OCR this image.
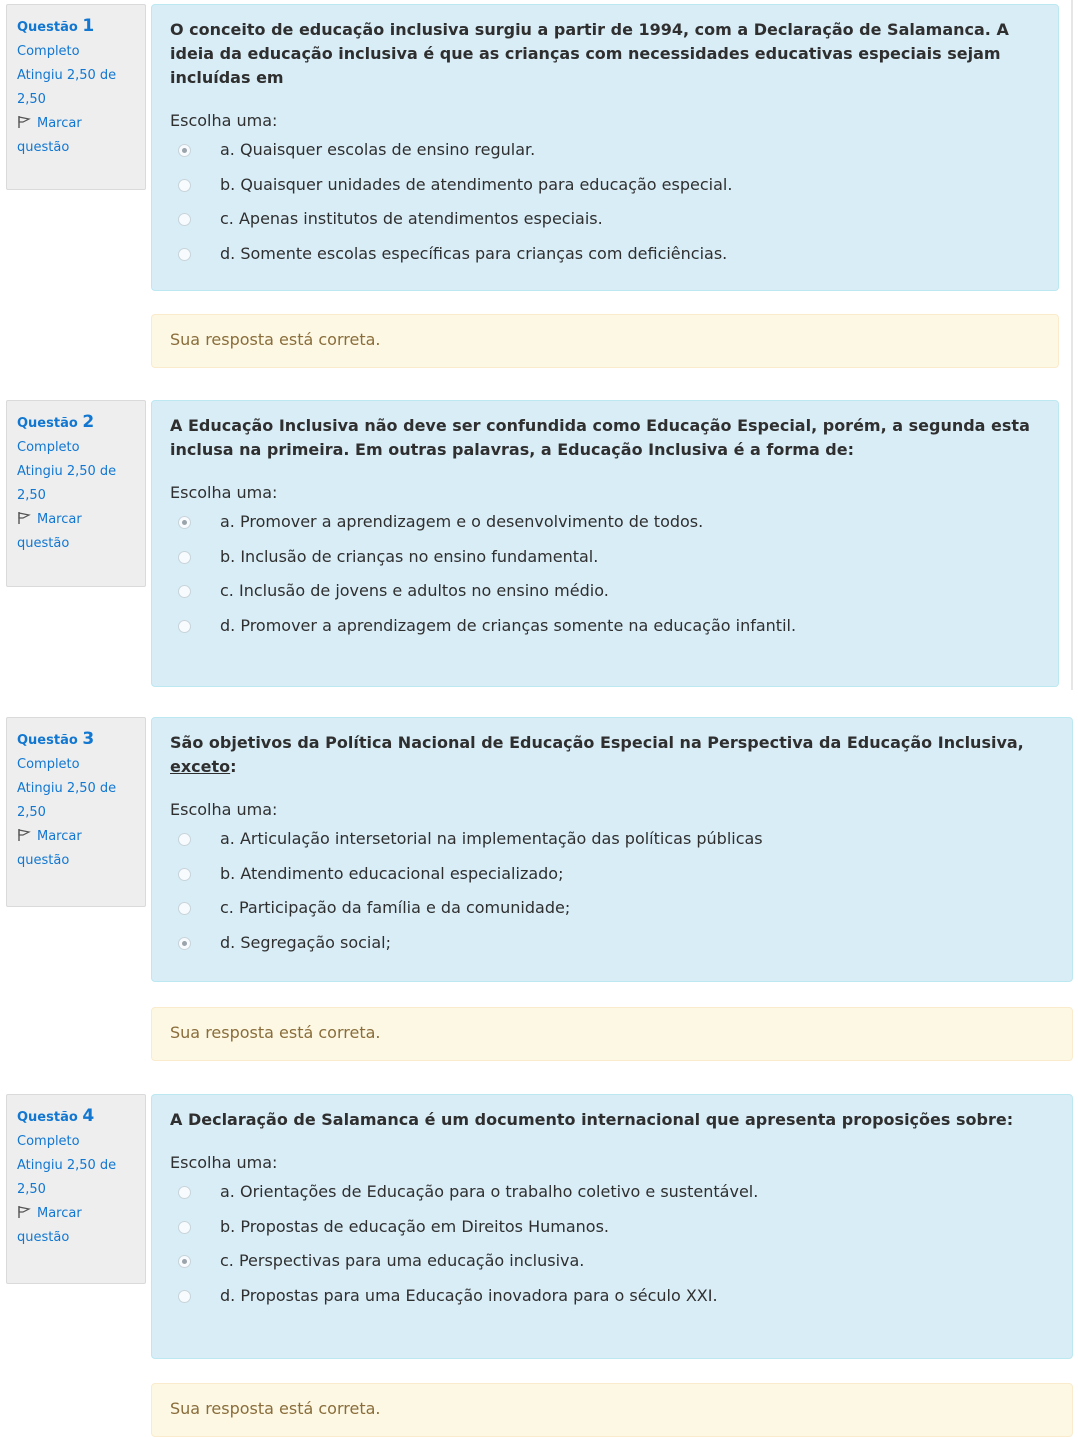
Questão 1
Completo
Atingiu 2,50 de 2,50
Marcar questão

O conceito de educação inclusiva surgiu a partir de 1994, com a Declaração de Salamanca. A ideia da educação inclusiva é que as crianças com necessidades educativas especiais sejam incluídas em

Escolha uma:
a. Quaisquer escolas de ensino regular.
b. Quaisquer unidades de atendimento para educação especial.
c. Apenas institutos de atendimentos especiais.
d. Somente escolas específicas para crianças com deficiências.
Sua resposta está correta.
Questão 2
Completo
Atingiu 2,50 de 2,50
Marcar questão

A Educação Inclusiva não deve ser confundida como Educação Especial, porém, a segunda esta inclusa na primeira. Em outras palavras, a Educação Inclusiva é a forma de:

Escolha uma:
a. Promover a aprendizagem e o desenvolvimento de todos.
b. Inclusão de crianças no ensino fundamental.
c. Inclusão de jovens e adultos no ensino médio.
d. Promover a aprendizagem de crianças somente na educação infantil.
Questão 3
Completo
Atingiu 2,50 de 2,50
Marcar questão

São objetivos da Política Nacional de Educação Especial na Perspectiva da Educação Inclusiva, exceto:

Escolha uma:
a. Articulação intersetorial na implementação das políticas públicas
b. Atendimento educacional especializado;
c. Participação da família e da comunidade;
d. Segregação social;
Sua resposta está correta.
Questão 4
Completo
Atingiu 2,50 de 2,50
Marcar questão

A Declaração de Salamanca é um documento internacional que apresenta proposições sobre:

Escolha uma:
a. Orientações de Educação para o trabalho coletivo e sustentável.
b. Propostas de educação em Direitos Humanos.
c. Perspectivas para uma educação inclusiva.
d. Propostas para uma Educação inovadora para o século XXI.
Sua resposta está correta.
